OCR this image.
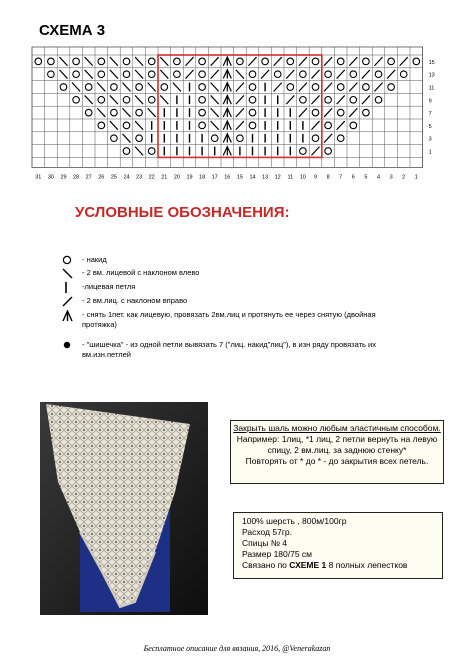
СХЕМА 3
15
13
11
9
7
5
3
1
31 30 29 28 27 26 25 24 23 22 21 20 19 18 17 16 15 14 13 12 11 10 9 8 7 6 5 4 3 2 1
УСЛОВНЫЕ ОБОЗНАЧЕНИЯ:
- накид
- 2 вм. лицевой с наклоном влево
-лицевая петля
- 2 вм.лиц. с наклоном вправо
- снять 1пет. как лицевую, провязать 2вм.лиц и протянуть ее через снятую (двойная протяжка)
- "шишечка" - из одной петли вывязать 7 ("лиц. накид"лиц"), в изн ряду провязать их вм.изн.петлей
Закрыть шаль можно любым эластичным способом.
Например: 1лиц, *1 лиц, 2 петли вернуть на левую спицу, 2 вм.лиц. за заднюю стенку*
Повторять от * до * - до закрытия всех петель.
100% шерсть , 800м/100гр
Расход 57гр.
Спицы № 4
Размер 180/75 см
Связано по СХЕМЕ 1 8 полных лепестков
Бесплатное описание для вязания, 2016, @Venerakazan
